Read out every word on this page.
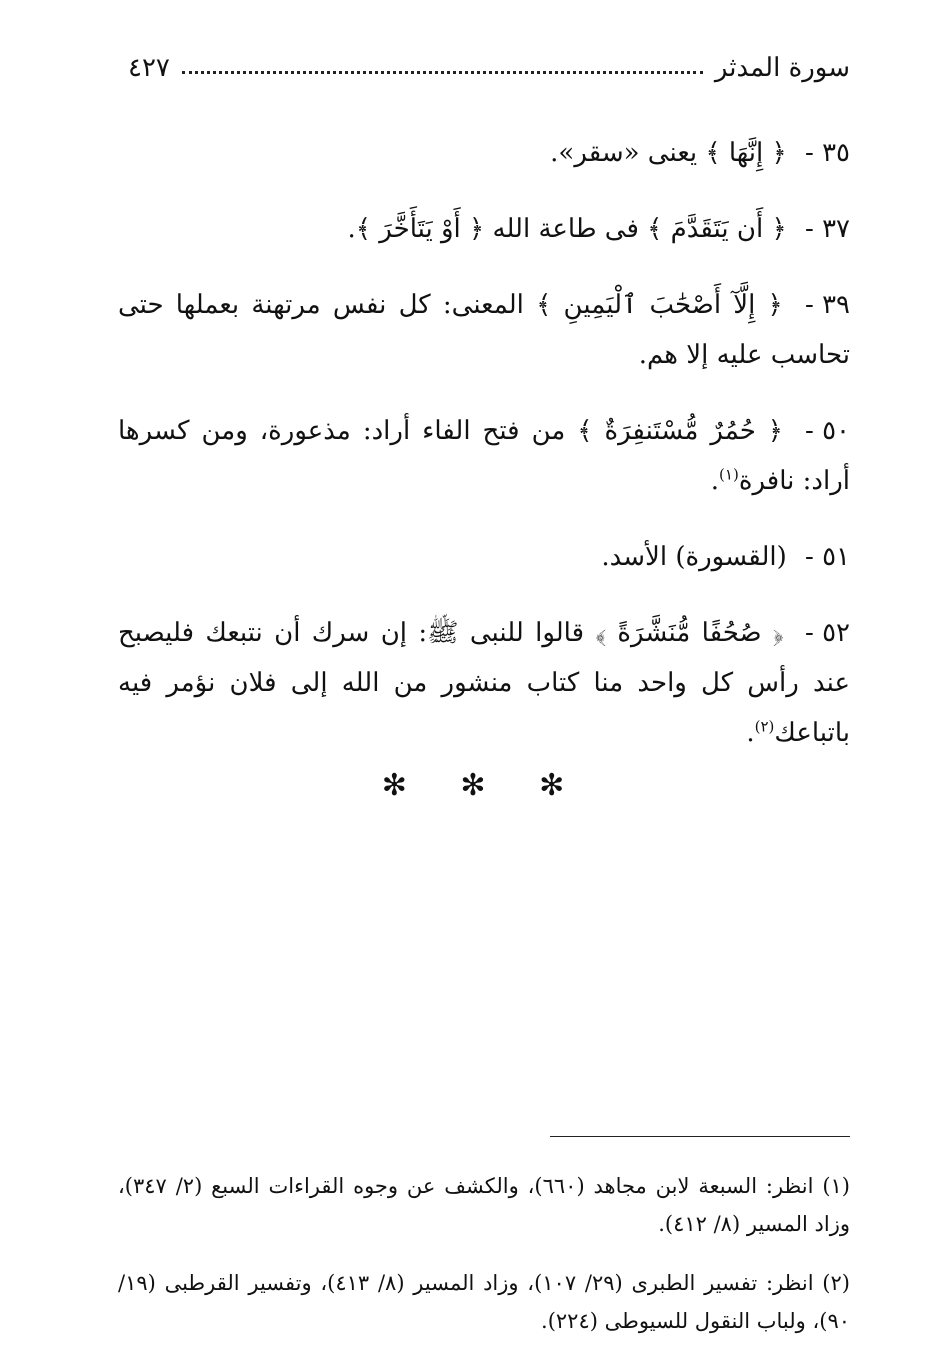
سورة المدثر
٤٢٧

٣٥ - ﴿ إِنَّهَا ﴾ يعنى «سقر».

٣٧ - ﴿ أَن يَتَقَدَّمَ ﴾ فى طاعة الله ﴿ أَوْ يَتَأَخَّرَ ﴾.

٣٩ - ﴿ إِلَّآ أَصْحَٰبَ ٱلْيَمِينِ ﴾ المعنى: كل نفس مرتهنة بعملها حتى تحاسب عليه إلا هم.

٥٠ - ﴿ حُمُرٌ مُّسْتَنفِرَةٌ ﴾ من فتح الفاء أراد: مذعورة، ومن كسرها أراد: نافرة$^{(١)}$.

٥١ - (القسورة) الأسد.

٥٢ - ﴿ صُحُفًا مُّنَشَّرَةً ﴾ قالوا للنبى ﷺ: إن سرك أن نتبعك فليصبح عند رأس كل واحد منا كتاب منشور من الله إلى فلان نؤمر فيه باتباعك$^{(٢)}$.

✻ ✻ ✻

(١) انظر: السبعة لابن مجاهد (٦٦٠)، والكشف عن وجوه القراءات السبع (٢/ ٣٤٧)، وزاد المسير (٨/ ٤١٢).

(٢) انظر: تفسير الطبرى (٢٩/ ١٠٧)، وزاد المسير (٨/ ٤١٣)، وتفسير القرطبى (١٩/ ٩٠)، ولباب النقول للسيوطى (٢٢٤).
